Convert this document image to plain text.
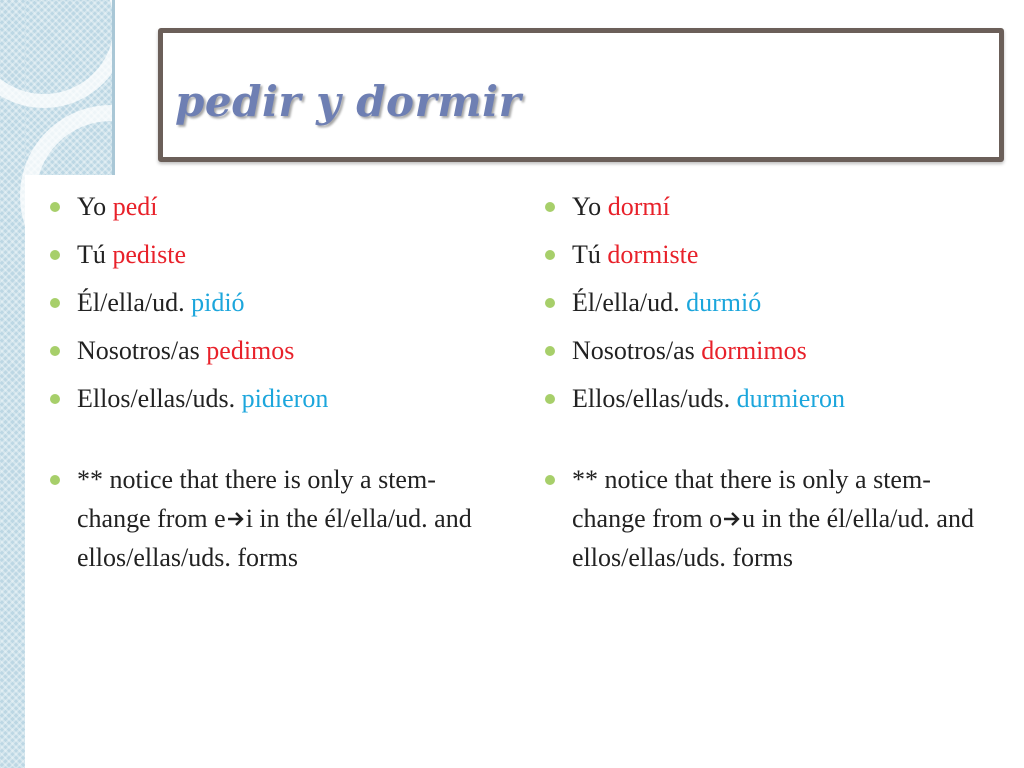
pedir y dormir
Yo pedí
Tú pediste
Él/ella/ud. pidió
Nosotros/as pedimos
Ellos/ellas/uds. pidieron
** notice that there is only a stem-change from e i in the él/ella/ud. and ellos/ellas/uds. forms
Yo dormí
Tú dormiste
Él/ella/ud. durmió
Nosotros/as dormimos
Ellos/ellas/uds. durmieron
** notice that there is only a stem-change from o u in the él/ella/ud. and ellos/ellas/uds. forms
